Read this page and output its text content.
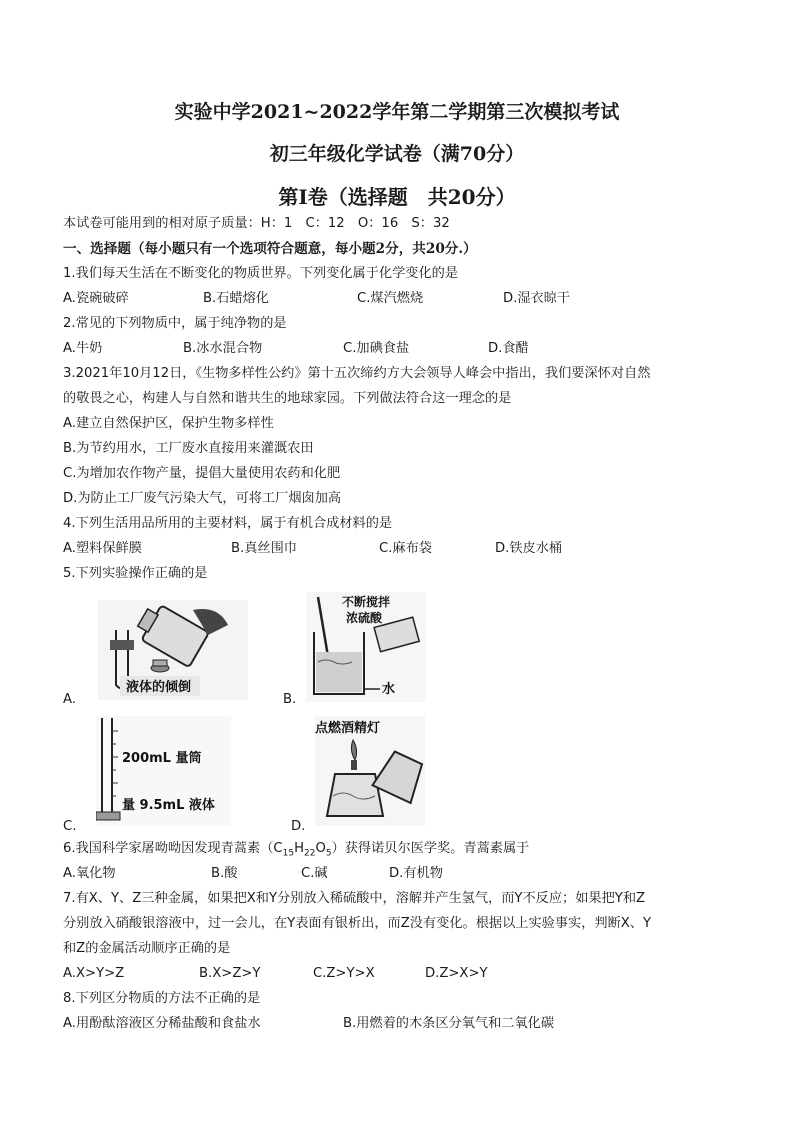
实验中学2021~2022学年第二学期第三次模拟考试
初三年级化学试卷（满70分）
第I卷（选择题　共20分）
本试卷可能用到的相对原子质量：H：1　C：12　O：16　S：32
一、选择题（每小题只有一个选项符合题意，每小题2分，共20分.）
1.我们每天生活在不断变化的物质世界。下列变化属于化学变化的是
A.瓷碗破碎	B.石蜡熔化	C.煤汽燃烧	D.湿衣晾干
2.常见的下列物质中，属于纯净物的是
A.牛奶	B.冰水混合物	C.加碘食盐	D.食醋
3.2021年10月12日，《生物多样性公约》第十五次缔约方大会领导人峰会中指出，我们要深怀对自然
的敬畏之心，构建人与自然和谐共生的地球家园。下列做法符合这一理念的是
A.建立自然保护区，保护生物多样性
B.为节约用水，工厂废水直接用来灌溉农田
C.为增加农作物产量，提倡大量使用农药和化肥
D.为防止工厂废气污染大气，可将工厂烟囱加高
4.下列生活用品所用的主要材料，属于有机合成材料的是
A.塑料保鲜膜	B.真丝围巾	C.麻布袋	D.铁皮水桶
5.下列实验操作正确的是
液体的倾倒
A.
不断搅拌
浓硫酸
水
B.
200mL 量筒
量 9.5mL 液体
C.
点燃酒精灯
D.
6.我国科学家屠呦呦因发现青蒿素$(C_{15}H_{22}O_5)$获得诺贝尔医学奖。青蒿素属于
A.氧化物	B.酸	C.碱	D.有机物
7.有X、Y、Z三种金属，如果把X和Y分别放入稀硫酸中，溶解并产生氢气，而Y不反应；如果把Y和Z
分别放入硝酸银溶液中，过一会儿，在Y表面有银析出，而Z没有变化。根据以上实验事实，判断X、Y
和Z的金属活动顺序正确的是
A.X>Y>Z	B.X>Z>Y	C.Z>Y>X	D.Z>X>Y
8.下列区分物质的方法不正确的是
A.用酚酞溶液区分稀盐酸和食盐水	B.用燃着的木条区分氧气和二氧化碳
